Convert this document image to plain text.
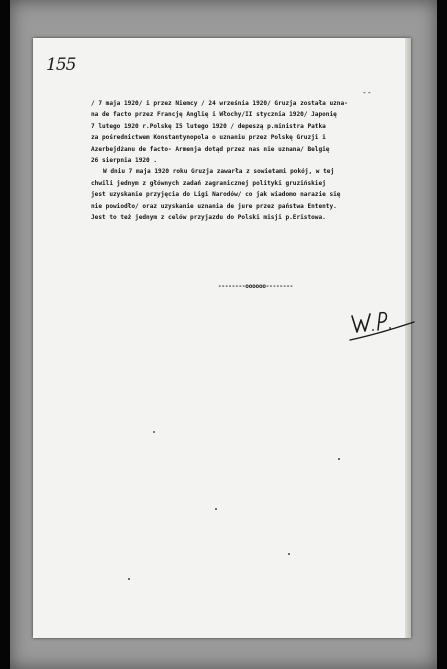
155
--
/ 7 maja 1920/ i przez Niemcy / 24 września 1920/ Gruzja została uzna-
na de facto przez Francję Anglię i Włochy/II stycznia 1920/ Japonię
7 lutego 1920 r.Polskę I5 lutego 1920 / depeszą p.ministra Patka
za pośrednictwem Konstantynopola o uznaniu przez Polskę Gruzji i
Azerbejdżanu de facto- Armenja dotąd przez nas nie uznana/ Belgię
26 sierpnia 1920 .
W dniu 7 maja 1920 roku Gruzja zawarła z sowietami pokój, w tej
chwili jednym z głównych zadań zagranicznej polityki gruzińskiej
jest uzyskanie przyjęcia do Ligi Narodów/ co jak wiadomo narazie się
nie powiodło/ oraz uzyskanie uznania de jure przez państwa Ententy.
Jest to też jednym z celów przyjazdu do Polski misji p.Eristowa.
--------oooooo--------
